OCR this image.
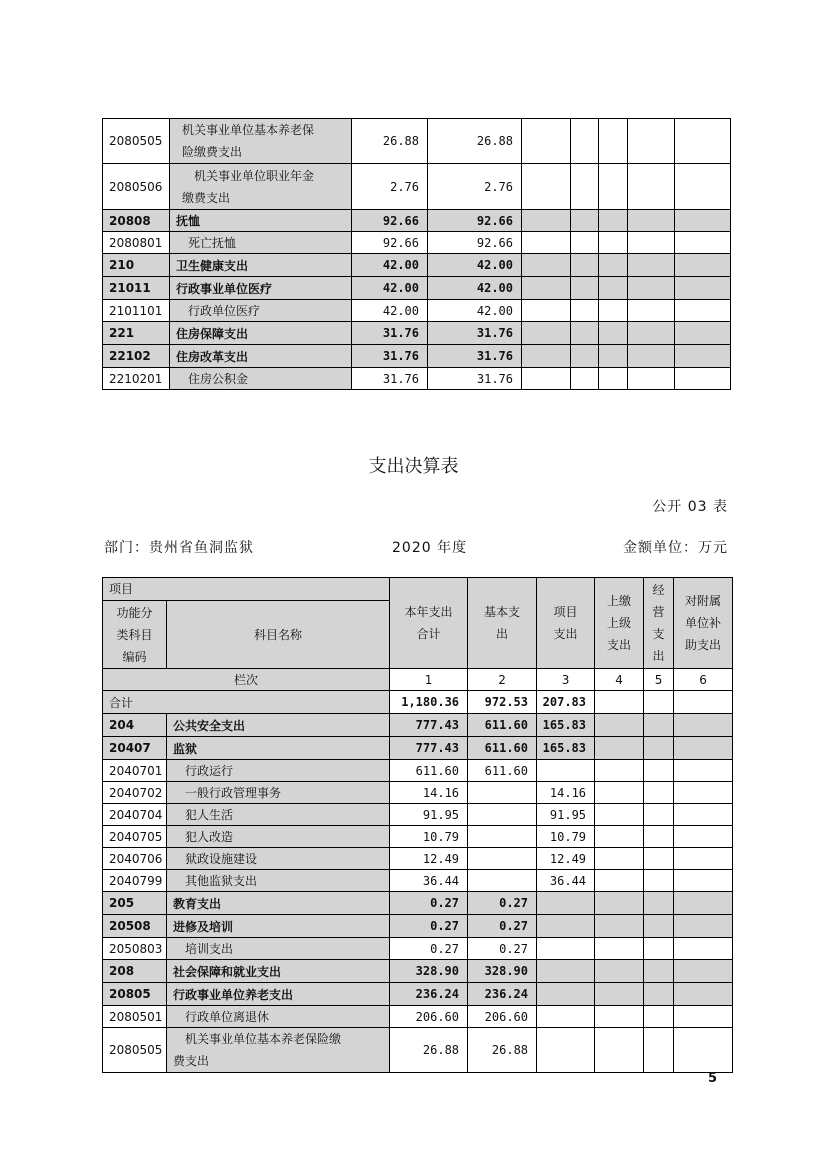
2080505	机关事业单位基本养老保
险缴费支出	26.88	26.88					
2080506	机关事业单位职业年金
缴费支出	2.76	2.76					
20808	抚恤	92.66	92.66					
2080801	死亡抚恤	92.66	92.66					
210	卫生健康支出	42.00	42.00					
21011	行政事业单位医疗	42.00	42.00					
2101101	行政单位医疗	42.00	42.00					
221	住房保障支出	31.76	31.76					
22102	住房改革支出	31.76	31.76					
2210201	住房公积金	31.76	31.76					
支出决算表
公开 03 表
部门：贵州省鱼洞监狱	2020 年度	金额单位：万元
项目		本年支出合计	基本支出	项目支出	上缴上级支出	经营支出	对附属单位补助支出
功能分类科目编码	科目名称						
栏次		1	2	3	4	5	6
合计		1,180.36	972.53	207.83			
204	公共安全支出	777.43	611.60	165.83			
20407	监狱	777.43	611.60	165.83			
2040701	行政运行	611.60	611.60				
2040702	一般行政管理事务	14.16		14.16			
2040704	犯人生活	91.95		91.95			
2040705	犯人改造	10.79		10.79			
2040706	狱政设施建设	12.49		12.49			
2040799	其他监狱支出	36.44		36.44			
205	教育支出	0.27	0.27				
20508	进修及培训	0.27	0.27				
2050803	培训支出	0.27	0.27				
208	社会保障和就业支出	328.90	328.90				
20805	行政事业单位养老支出	236.24	236.24				
2080501	行政单位离退休	206.60	206.60				
2080505	机关事业单位基本养老保险缴
费支出	26.88	26.88				
5
